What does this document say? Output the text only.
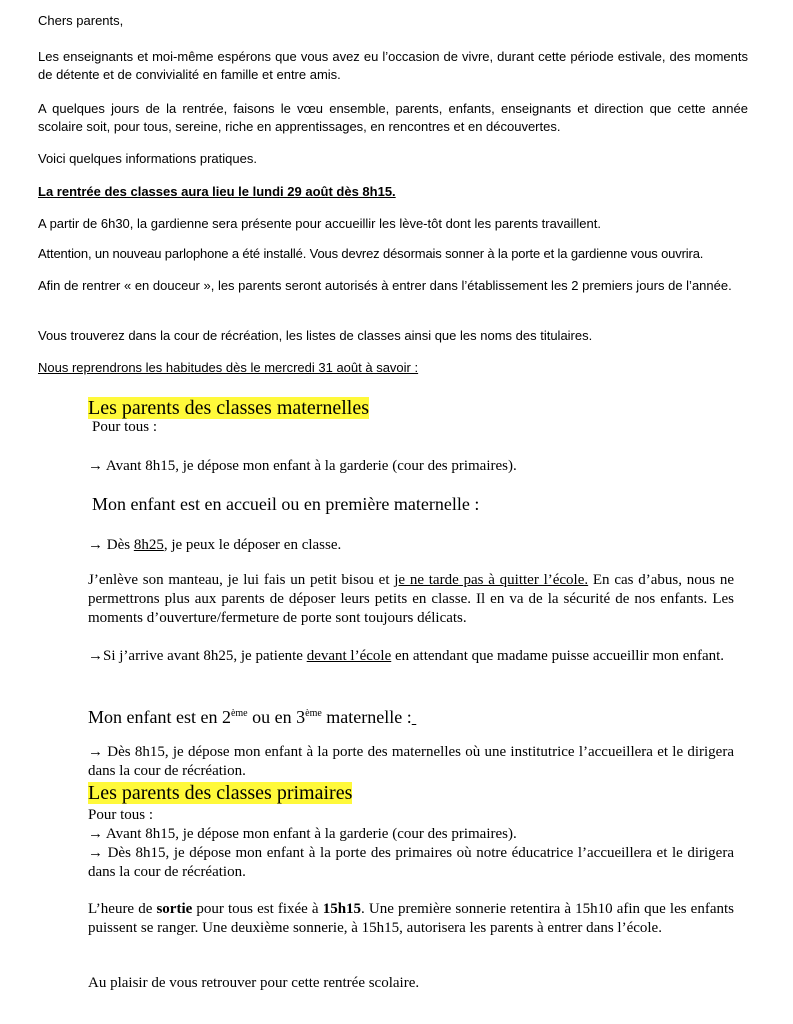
Chers parents,

Les enseignants et moi-même espérons que vous avez eu l’occasion de vivre, durant cette période estivale, des moments de détente et de convivialité en famille et entre amis.

A quelques jours de la rentrée, faisons le vœu ensemble, parents, enfants, enseignants et direction que cette année scolaire soit, pour tous, sereine, riche en apprentissages, en rencontres et en découvertes.

Voici quelques informations pratiques.

La rentrée des classes aura lieu le lundi 29 août dès 8h15.

A partir de 6h30, la gardienne sera présente pour accueillir les lève-tôt dont les parents travaillent.

Attention, un nouveau parlophone a été installé. Vous devrez désormais sonner à la porte et la gardienne vous ouvrira.

Afin de rentrer « en douceur », les parents seront autorisés à entrer dans l’établissement les 2 premiers jours de l’année.

Vous trouverez dans la cour de récréation, les listes de classes ainsi que les noms des titulaires.

Nous reprendrons les habitudes dès le mercredi 31 août à savoir :

Les parents des classes maternelles

Pour tous :

→ Avant 8h15, je dépose mon enfant à la garderie (cour des primaires).

Mon enfant est en accueil ou en première maternelle :

→ Dès 8h25, je peux le déposer en classe.

J’enlève son manteau, je lui fais un petit bisou et je ne tarde pas à quitter l’école. En cas d’abus, nous ne permettrons plus aux parents de déposer leurs petits en classe. Il en va de la sécurité de nos enfants. Les moments d’ouverture/fermeture de porte sont toujours délicats.

→Si j’arrive avant 8h25, je patiente devant l’école en attendant que madame puisse accueillir mon enfant.

Mon enfant est en 2ème ou en 3ème maternelle :

→ Dès 8h15, je dépose mon enfant à la porte des maternelles où une institutrice l’accueillera et le dirigera dans la cour de récréation.

Les parents des classes primaires

Pour tous :

→ Avant 8h15, je dépose mon enfant à la garderie (cour des primaires).

→ Dès 8h15, je dépose mon enfant à la porte des primaires où notre éducatrice l’accueillera et le dirigera dans la cour de récréation.

L’heure de sortie pour tous est fixée à 15h15. Une première sonnerie retentira à 15h10 afin que les enfants puissent se ranger. Une deuxième sonnerie, à 15h15, autorisera les parents à entrer dans l’école.

Au plaisir de vous retrouver pour cette rentrée scolaire.
